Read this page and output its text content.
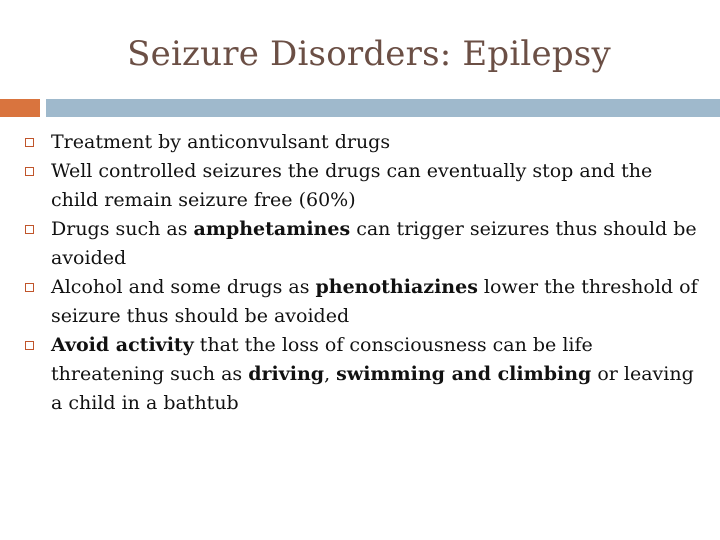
Seizure Disorders: Epilepsy
Treatment by anticonvulsant drugs
Well controlled seizures the drugs can eventually stop and the child remain seizure free (60%)
Drugs such as amphetamines can trigger seizures thus should be avoided
Alcohol and some drugs as phenothiazines lower the threshold of seizure thus should be avoided
Avoid activity that the loss of consciousness can be life threatening such as driving, swimming and climbing or leaving a child in a bathtub
